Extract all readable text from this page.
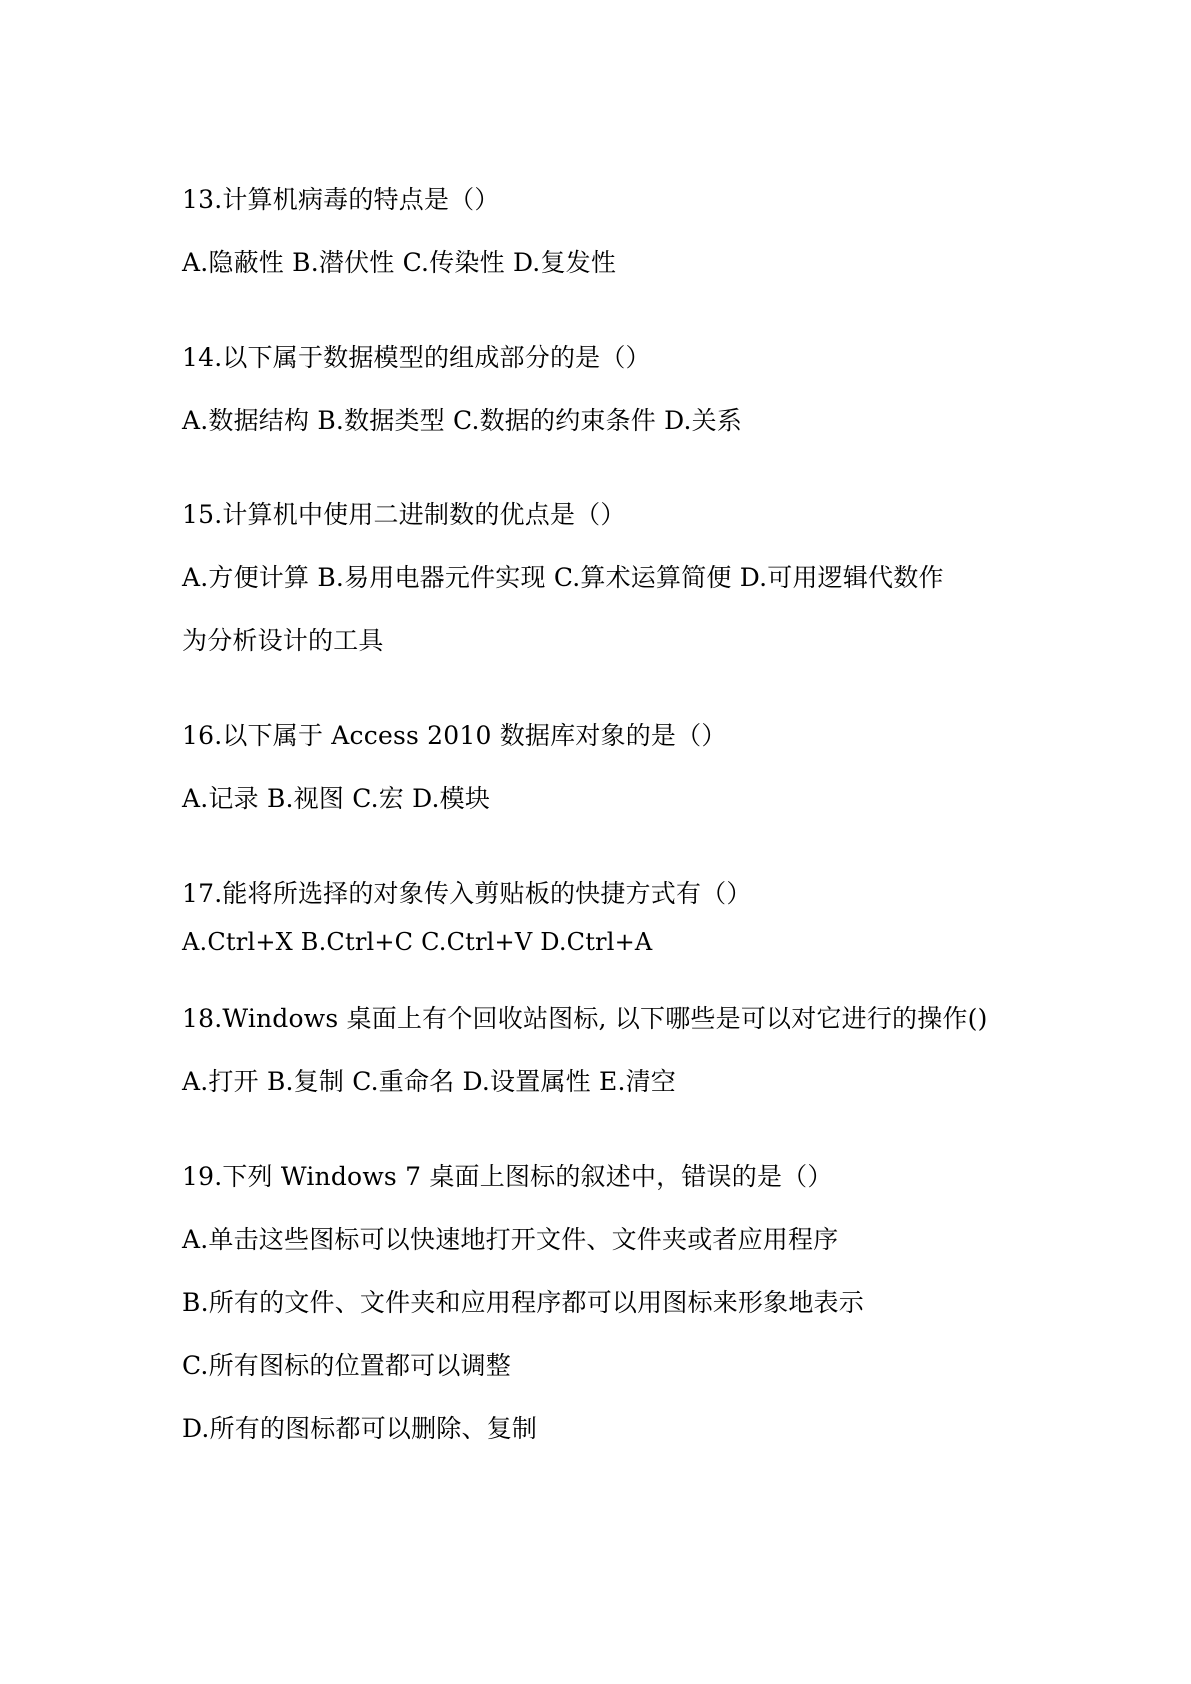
13.计算机病毒的特点是（）
A.隐蔽性 B.潜伏性 C.传染性 D.复发性
14.以下属于数据模型的组成部分的是（）
A.数据结构 B.数据类型 C.数据的约束条件 D.关系
15.计算机中使用二进制数的优点是（）
A.方便计算 B.易用电器元件实现 C.算术运算简便 D.可用逻辑代数作
为分析设计的工具
16.以下属于 Access 2010 数据库对象的是（）
A.记录 B.视图 C.宏 D.模块
17.能将所选择的对象传入剪贴板的快捷方式有（）
A.Ctrl+X B.Ctrl+C C.Ctrl+V D.Ctrl+A
18.Windows 桌面上有个回收站图标, 以下哪些是可以对它进行的操作()
A.打开 B.复制 C.重命名 D.设置属性 E.清空
19.下列 Windows 7 桌面上图标的叙述中，错误的是（）
A.单击这些图标可以快速地打开文件、文件夹或者应用程序
B.所有的文件、文件夹和应用程序都可以用图标来形象地表示
C.所有图标的位置都可以调整
D.所有的图标都可以删除、复制
